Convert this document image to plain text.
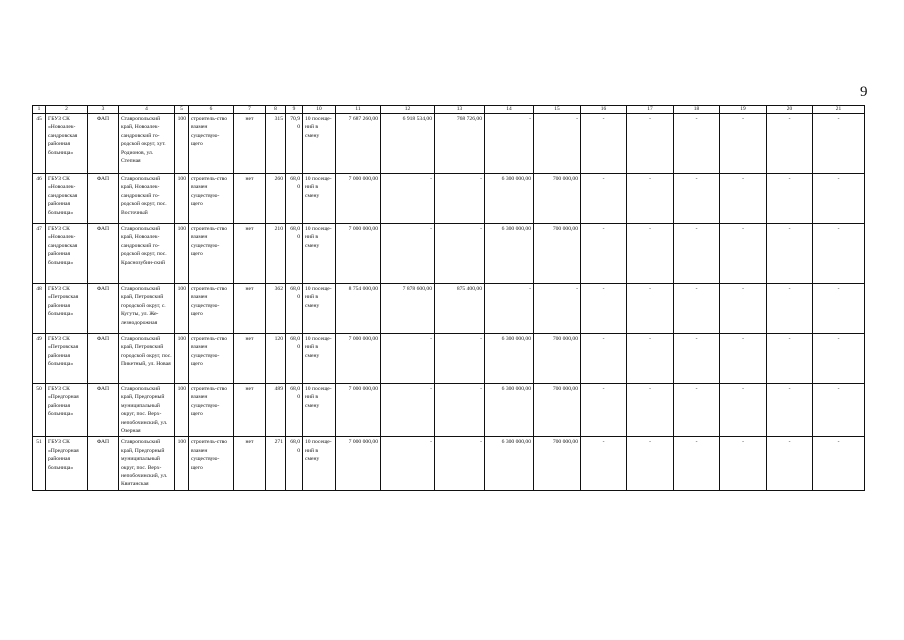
9
1	2	3	4	5	6	7	8	9	10	11	12	13	14	15	16	17	18	19	20	21
45	ГБУЗ СК «Новоалек-сандровская районная больница»	ФАП	Ставропольский край, Новоалек-сандровский го-родской округ, хут. Родионов, ул. Степная	100	строитель-ство взамен существую-щего	нет	315	70,90	10 посеще-ний в смену	7 687 260,00	6 918 534,00	768 726,00	-	-	-	-	-	-	-	-
46	ГБУЗ СК «Новоалек-сандровская районная больница»	ФАП	Ставропольский край, Новоалек-сандровский го-родской округ, пос. Восточный	100	строитель-ство взамен существую-щего	нет	260	68,00	10 посеще-ний в смену	7 000 000,00	-	-	6 300 000,00	700 000,00	-	-	-	-	-	-
47	ГБУЗ СК «Новоалек-сандровская районная больница»	ФАП	Ставропольский край, Новоалек-сандровский го-родской округ, пос. Краснозубин-ский	100	строитель-ство взамен существую-щего	нет	210	68,00	10 посеще-ний в смену	7 000 000,00	-	-	6 300 000,00	700 000,00	-	-	-	-	-	-
48	ГБУЗ СК «Петровская районная больница»	ФАП	Ставропольский край, Петровский городской округ, с. Кугуты, ул. Же-лезнодорожная	100	строитель-ство взамен существую-щего	нет	362	68,00	10 посеще-ний в смену	8 754 000,00	7 878 600,00	875 400,00	-	-	-	-	-	-	-	-
49	ГБУЗ СК «Петровская районная больница»	ФАП	Ставропольский край, Петровский городской округ, пос. Пикетный, ул. Новая	100	строитель-ство взамен существую-щего	нет	120	68,00	10 посеще-ний в смену	7 000 000,00	-	-	6 300 000,00	700 000,00	-	-	-	-	-	-
50	ГБУЗ СК «Предгорная районная больница»	ФАП	Ставропольский край, Предгорный муниципальный округ, пос. Верх-непобочинский, ул. Озерная	100	строитель-ство взамен существую-щего	нет	489	68,00	10 посеще-ний в смену	7 000 000,00	-	-	6 300 000,00	700 000,00	-	-	-	-	-	-
51	ГБУЗ СК «Предгорная районная больница»	ФАП	Ставропольский край, Предгорный муниципальный округ, пос. Верх-непобочинский, ул. Квитанская	100	строитель-ство взамен существую-щего	нет	271	68,00	10 посеще-ний в смену	7 000 000,00	-	-	6 300 000,00	700 000,00	-	-	-	-	-	-
